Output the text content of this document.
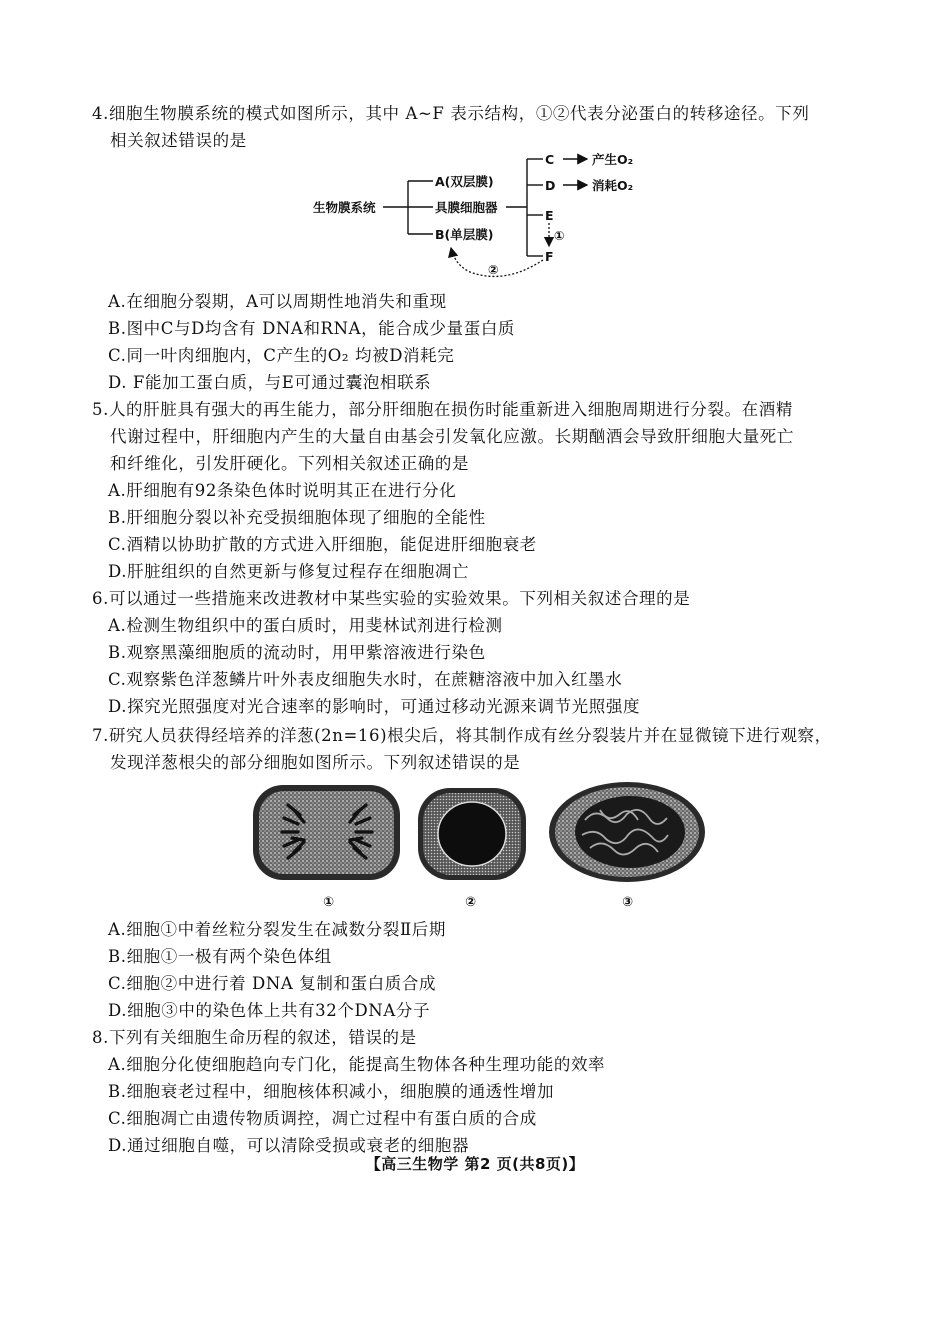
4.细胞生物膜系统的模式如图所示，其中 A~F 表示结构，①②代表分泌蛋白的转移途径。下列
相关叙述错误的是
生物膜系统
A(双层膜)
具膜细胞器
B(单层膜)
C
D
E
F
产生O₂
消耗O₂
①
②
A.在细胞分裂期，A可以周期性地消失和重现
B.图中C与D均含有 DNA和RNA，能合成少量蛋白质
C.同一叶肉细胞内，C产生的O₂ 均被D消耗完
D. F能加工蛋白质，与E可通过囊泡相联系
5.人的肝脏具有强大的再生能力，部分肝细胞在损伤时能重新进入细胞周期进行分裂。在酒精
代谢过程中，肝细胞内产生的大量自由基会引发氧化应激。长期酗酒会导致肝细胞大量死亡
和纤维化，引发肝硬化。下列相关叙述正确的是
A.肝细胞有92条染色体时说明其正在进行分化
B.肝细胞分裂以补充受损细胞体现了细胞的全能性
C.酒精以协助扩散的方式进入肝细胞，能促进肝细胞衰老
D.肝脏组织的自然更新与修复过程存在细胞凋亡
6.可以通过一些措施来改进教材中某些实验的实验效果。下列相关叙述合理的是
A.检测生物组织中的蛋白质时，用斐林试剂进行检测
B.观察黑藻细胞质的流动时，用甲紫溶液进行染色
C.观察紫色洋葱鳞片叶外表皮细胞失水时，在蔗糖溶液中加入红墨水
D.探究光照强度对光合速率的影响时，可通过移动光源来调节光照强度
7.研究人员获得经培养的洋葱(2n=16)根尖后，将其制作成有丝分裂装片并在显微镜下进行观察，
发现洋葱根尖的部分细胞如图所示。下列叙述错误的是
①	②	③
A.细胞①中着丝粒分裂发生在减数分裂Ⅱ后期
B.细胞①一极有两个染色体组
C.细胞②中进行着 DNA 复制和蛋白质合成
D.细胞③中的染色体上共有32个DNA分子
8.下列有关细胞生命历程的叙述，错误的是
A.细胞分化使细胞趋向专门化，能提高生物体各种生理功能的效率
B.细胞衰老过程中，细胞核体积减小，细胞膜的通透性增加
C.细胞凋亡由遗传物质调控，凋亡过程中有蛋白质的合成
D.通过细胞自噬，可以清除受损或衰老的细胞器
【高三生物学 第2 页(共8页)】
